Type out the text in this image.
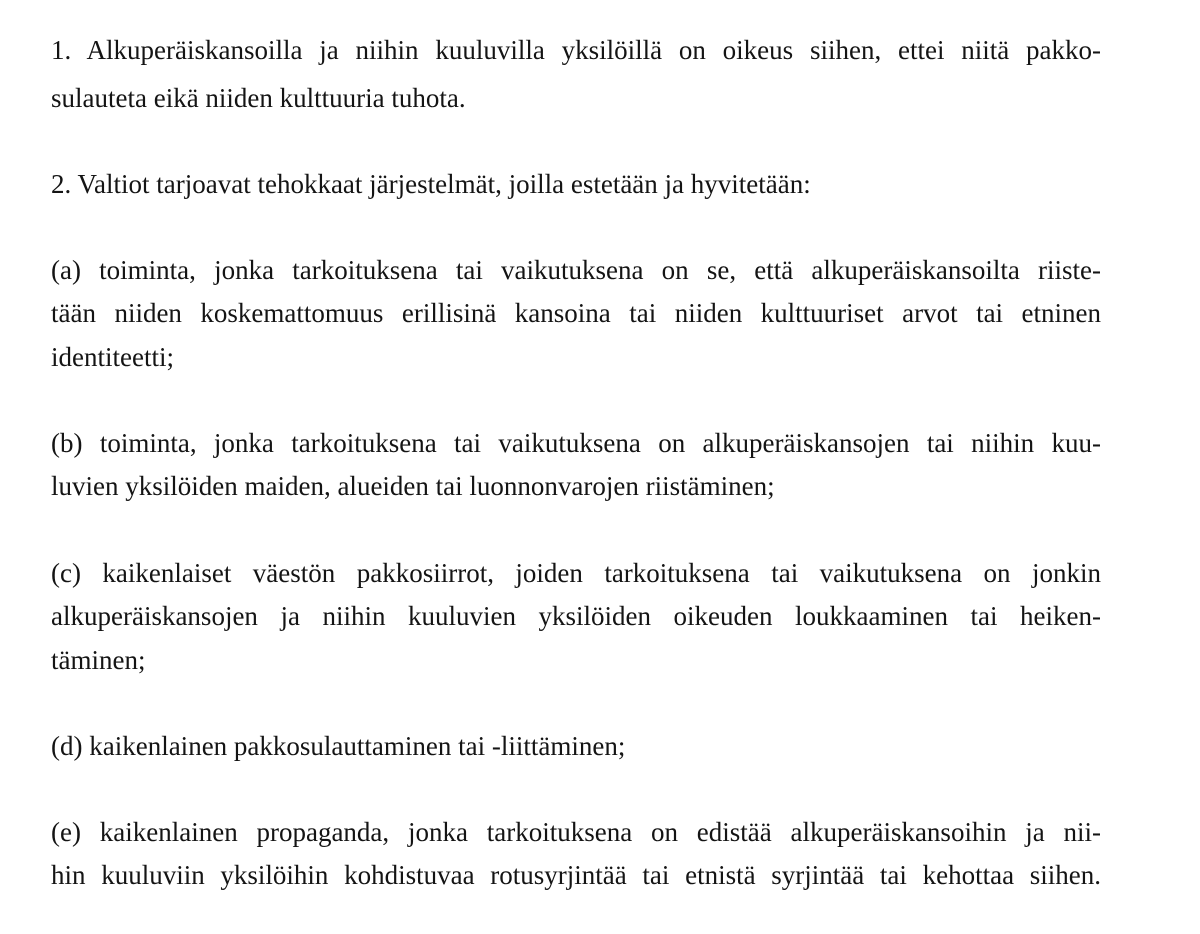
1. Alkuperäiskansoilla ja niihin kuuluvilla yksilöillä on oikeus siihen, ettei niitä pakko-
sulauteta eikä niiden kulttuuria tuhota.
2. Valtiot tarjoavat tehokkaat järjestelmät, joilla estetään ja hyvitetään:
(a) toiminta, jonka tarkoituksena tai vaikutuksena on se, että alkuperäiskansoilta riiste-
tään niiden koskemattomuus erillisinä kansoina tai niiden kulttuuriset arvot tai etninen
identiteetti;
(b) toiminta, jonka tarkoituksena tai vaikutuksena on alkuperäiskansojen tai niihin kuu-
luvien yksilöiden maiden, alueiden tai luonnonvarojen riistäminen;
(c) kaikenlaiset väestön pakkosiirrot, joiden tarkoituksena tai vaikutuksena on jonkin
alkuperäiskansojen ja niihin kuuluvien yksilöiden oikeuden loukkaaminen tai heiken-
täminen;
(d) kaikenlainen pakkosulauttaminen tai -liittäminen;
(e) kaikenlainen propaganda, jonka tarkoituksena on edistää alkuperäiskansoihin ja nii-
hin kuuluviin yksilöihin kohdistuvaa rotusyrjintää tai etnistä syrjintää tai kehottaa siihen.
